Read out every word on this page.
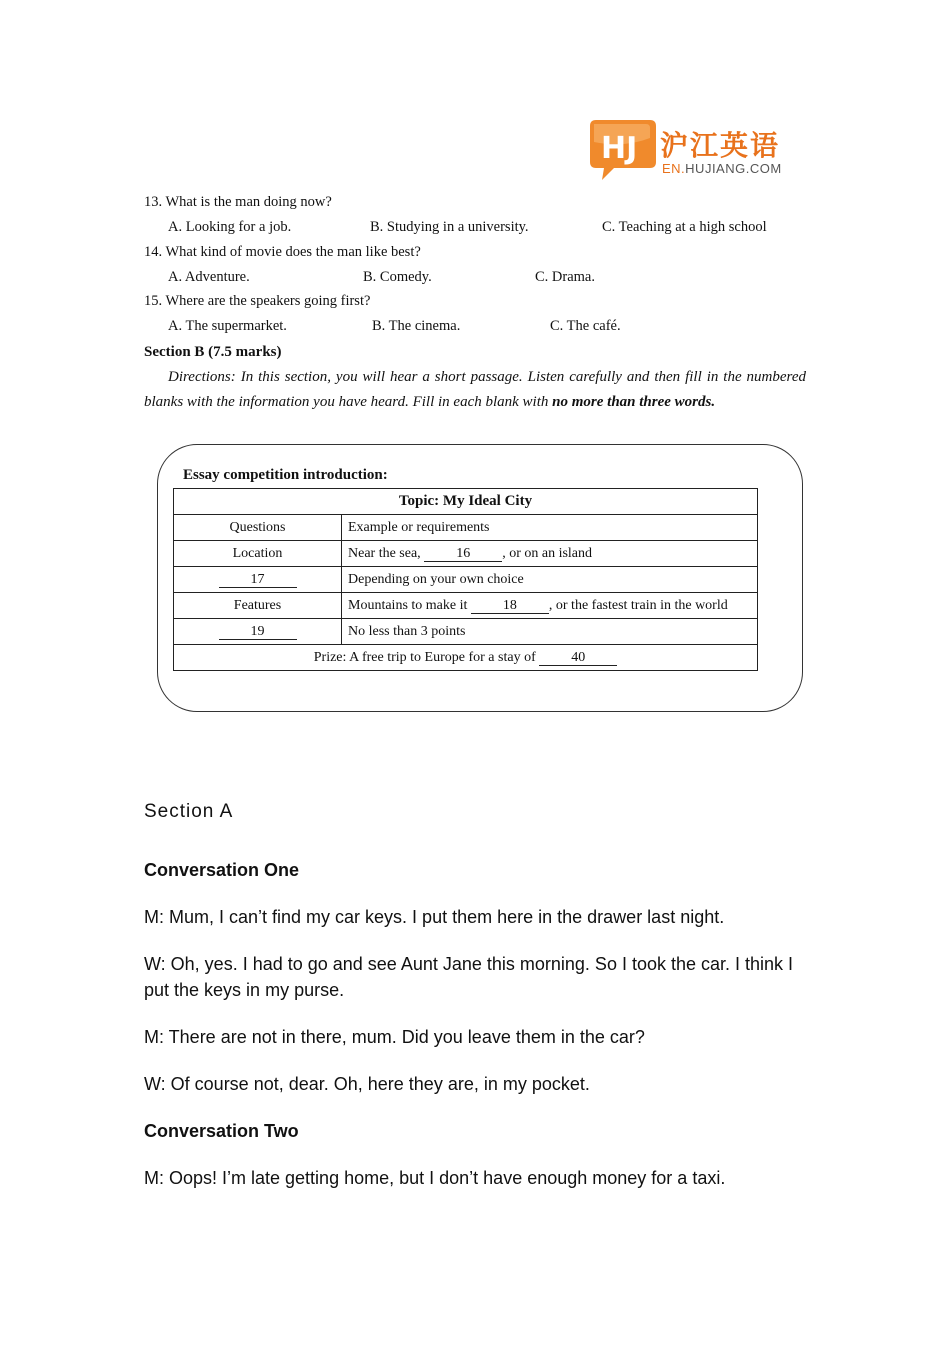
HJ 沪江英语
EN.HUJIANG.COM
13. What is the man doing now?
A. Looking for a job.	B. Studying in a university.	C. Teaching at a high school
14. What kind of movie does the man like best?
A. Adventure.	B. Comedy.	C. Drama.
15. Where are the speakers going first?
A. The supermarket.	B. The cinema.	C. The café.
Section B (7.5 marks)
Directions: In this section, you will hear a short passage. Listen carefully and then fill in the numbered blanks with the information you have heard. Fill in each blank with no more than three words.
Essay competition introduction:
Topic: My Ideal City	
Questions	Example or requirements
Location	Near the sea, 16 , or on an island
17	Depending on your own choice
Features	Mountains to make it 18 , or the fastest train in the world
19	No less than 3 points
Prize: A free trip to Europe for a stay of 40	
Section A
Conversation One
M: Mum, I can’t find my car keys. I put them here in the drawer last night.
W: Oh, yes. I had to go and see Aunt Jane this morning. So I took the car. I think I put the keys in my purse.
M: There are not in there, mum. Did you leave them in the car?
W: Of course not, dear. Oh, here they are, in my pocket.
Conversation Two
M: Oops! I’m late getting home, but I don’t have enough money for a taxi.
